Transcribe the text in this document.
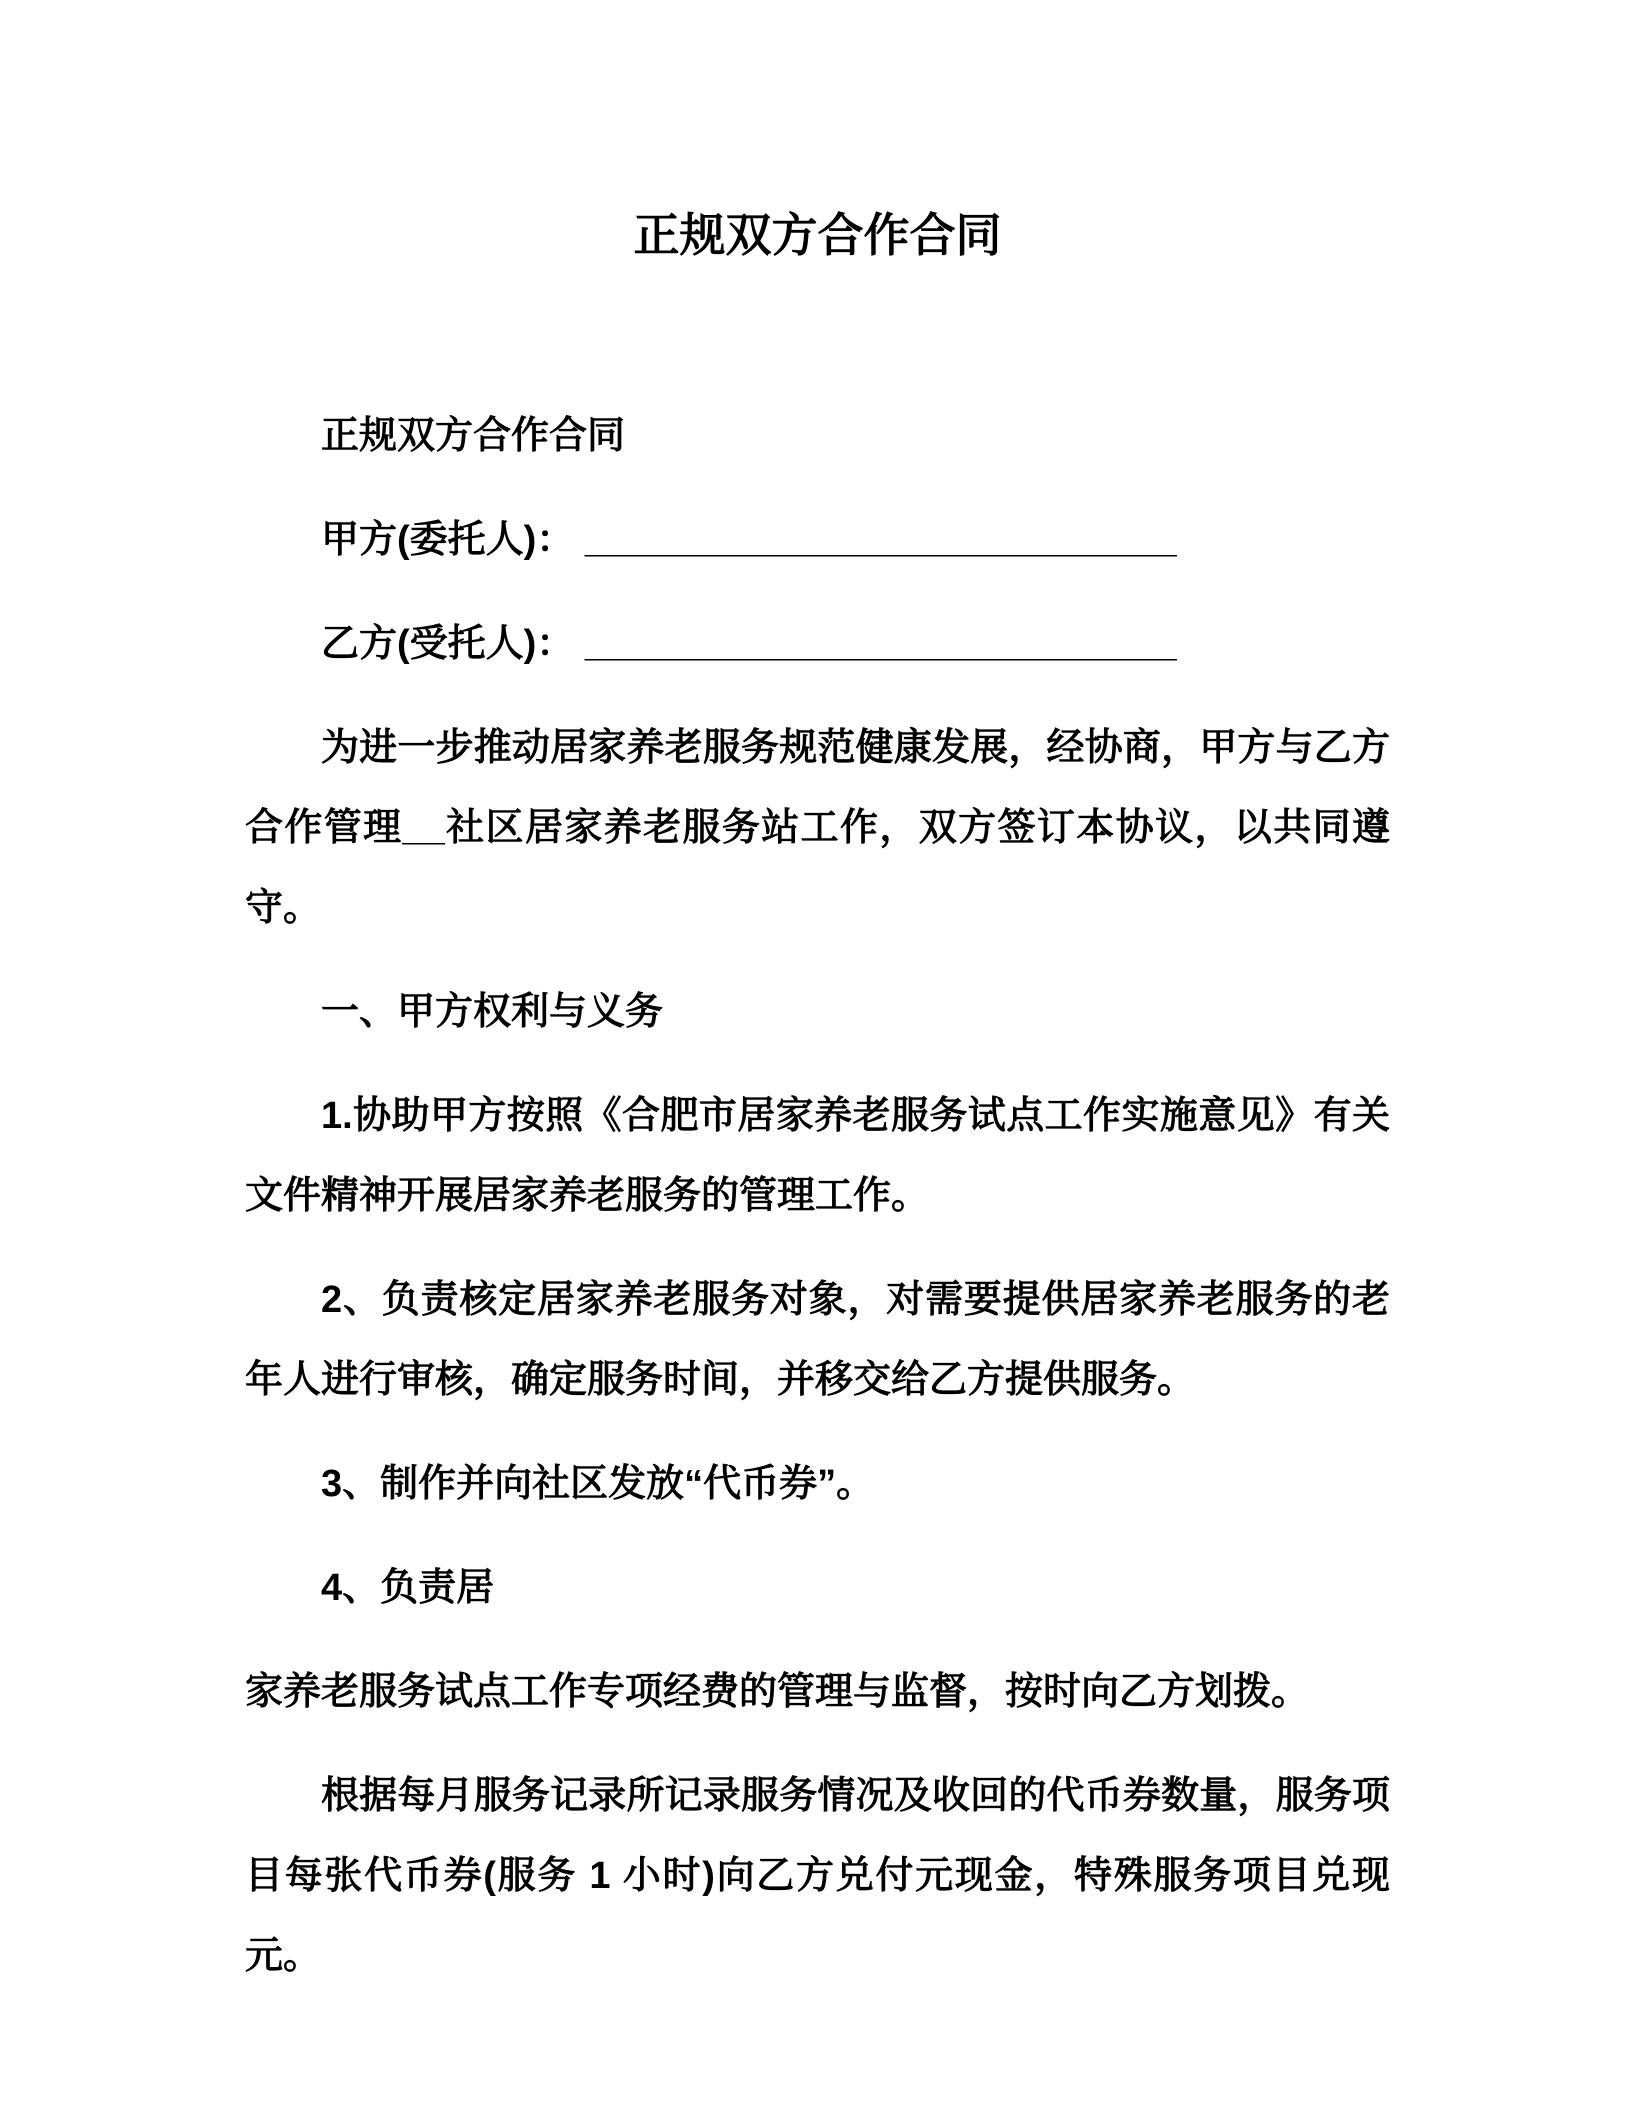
正规双方合作合同

正规双方合作合同

甲方(委托人)： ____________________________

乙方(受托人)： ____________________________

为进一步推动居家养老服务规范健康发展，经协商，甲方与乙方合作管理__社区居家养老服务站工作，双方签订本协议，以共同遵守。

一、甲方权利与义务

1.协助甲方按照《合肥市居家养老服务试点工作实施意见》有关文件精神开展居家养老服务的管理工作。

2、负责核定居家养老服务对象，对需要提供居家养老服务的老年人进行审核，确定服务时间，并移交给乙方提供服务。

3、制作并向社区发放“代币券”。

4、负责居

家养老服务试点工作专项经费的管理与监督，按时向乙方划拨。

根据每月服务记录所记录服务情况及收回的代币券数量，服务项目每张代币券(服务 1 小时)向乙方兑付元现金，特殊服务项目兑现元。
